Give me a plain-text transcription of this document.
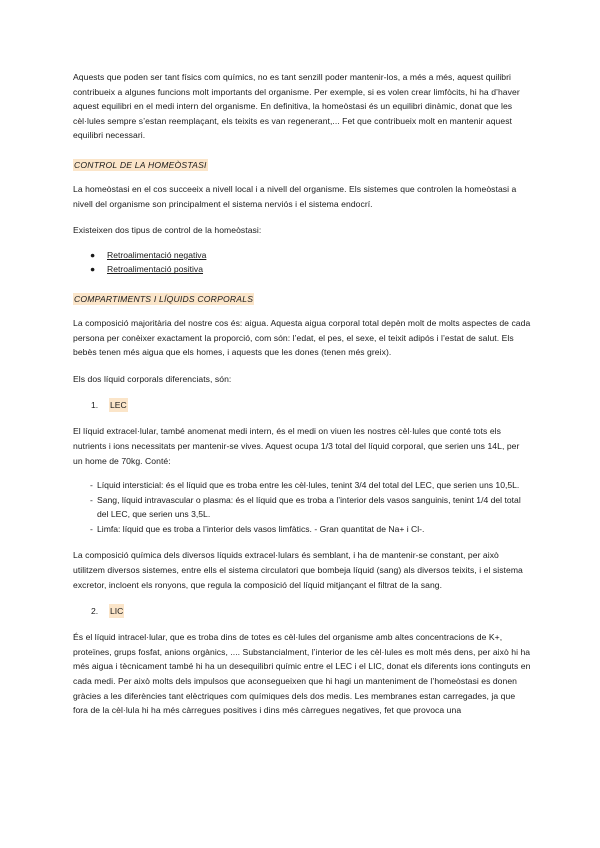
Aquests que poden ser tant físics com químics, no es tant senzill poder mantenir-los, a més a més, aquest quilibri contribueix a algunes funcions molt importants del organisme. Per exemple, si es volen crear limfòcits, hi ha d’haver aquest equilibri en el medi intern del organisme. En definitiva, la homeòstasi és un equilibri dinàmic, donat que les cèl·lules sempre s’estan reemplaçant, els teixits es van regenerant,... Fet que contribueix molt en mantenir aquest equilibri necessari.

CONTROL DE LA HOMEÒSTASI

La homeòstasi en el cos succeeix a nivell local i a nivell del organisme. Els sistemes que controlen la homeòstasi a nivell del organisme son principalment el sistema nerviós i el sistema endocrí.

Existeixen dos tipus de control de la homeòstasi:

● Retroalimentació negativa
● Retroalimentació positiva
COMPARTIMENTS I LÍQUIDS CORPORALS

La composició majoritària del nostre cos és: aigua. Aquesta aigua corporal total depèn molt de molts aspectes de cada persona per conèixer exactament la proporció, com són: l’edat, el pes, el sexe, el teixit adipós i l’estat de salut. Els bebès tenen més aigua que els homes, i aquests que les dones (tenen més greix).

Els dos líquid corporals diferenciats, són:

1.	LEC

El líquid extracel·lular, també anomenat medi intern, és el medi on viuen les nostres cèl·lules que conté tots els nutrients i ions necessitats per mantenir-se vives. Aquest ocupa 1/3 total del líquid corporal, que serien uns 14L, per un home de 70kg. Conté:

- Líquid intersticial: és el líquid que es troba entre les cèl·lules, tenint 3/4 del total del LEC, que serien uns 10,5L.
- Sang, líquid intravascular o plasma: és el líquid que es troba a l’interior dels vasos sanguinis, tenint 1/4 del total del LEC, que serien uns 3,5L.
- Limfa: líquid que es troba a l’interior dels vasos limfàtics. - Gran quantitat de Na+ i Cl-.

La composició química dels diversos líquids extracel·lulars és semblant, i ha de mantenir-se constant, per això utilitzem diversos sistemes, entre ells el sistema circulatori que bombeja líquid (sang) als diversos teixits, i el sistema excretor, incloent els ronyons, que regula la composició del líquid mitjançant el filtrat de la sang.

2.	LIC

És el líquid intracel·lular, que es troba dins de totes es cèl·lules del organisme amb altes concentracions de K+, proteïnes, grups fosfat, anions orgànics, .... Substancialment, l’interior de les cèl·lules es molt més dens, per això hi ha més aigua i tècnicament també hi ha un desequilibri químic entre el LEC i el LIC, donat els diferents ions continguts en cada medi. Per això molts dels impulsos que aconsegueixen que hi hagi un manteniment de l’homeòstasi es donen gràcies a les diferències tant elèctriques com químiques dels dos medis. Les membranes estan carregades, ja que fora de la cèl·lula hi ha més càrregues positives i dins més càrregues negatives, fet que provoca una
